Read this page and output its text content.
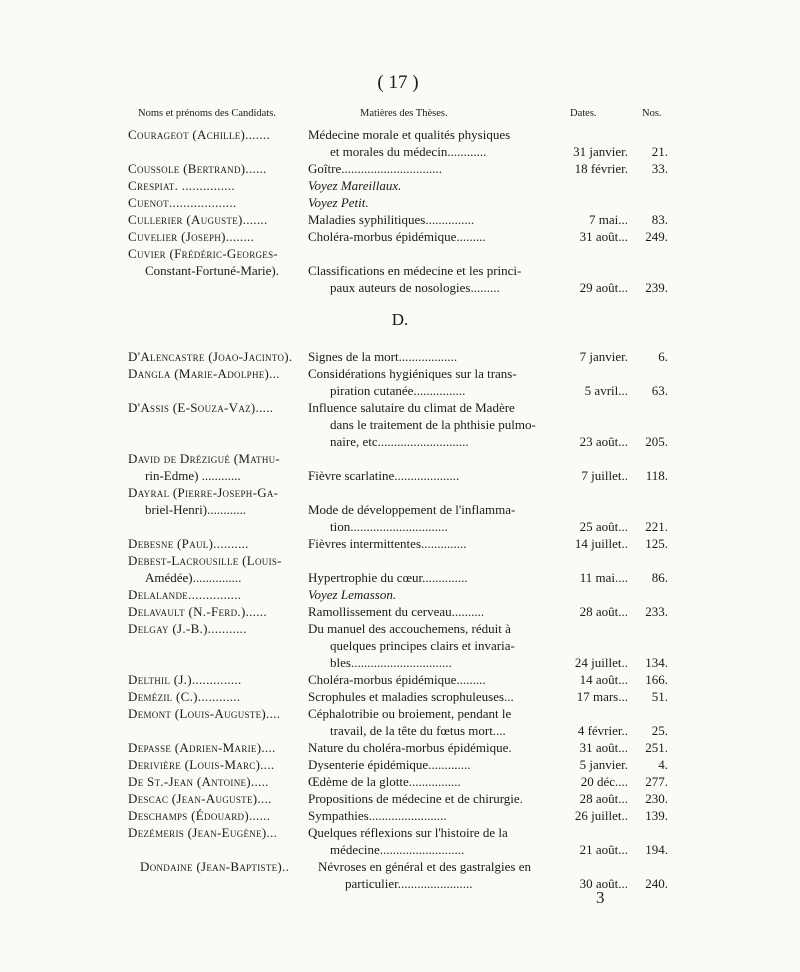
( 17 )
Noms et prénoms des Candidats.	Matières des Thèses.	Dates.	Nos.
Couragеot (Achille).......	Médecine morale et qualités physiques
et morales du médecin............	31 janvier.	21.
Coussole (Bertrand)......	Goître...............................	18 février.	33.
Crespiat. ...............	Voyez Mareillaux.
Cuenot...................	Voyez Petit.
Cullerier (Auguste).......	Maladies syphilitiques...............	7 mai...	83.
Cuvelier (Joseph)........	Choléra-morbus épidémique.........	31 août...	249.
Cuvier (Frédéric-Georges-
Constant-Fortuné-Marie). Classifications en médecine et les princi-
paux auteurs de nosologies.........	29 août...	239.
D.
D'Alencastre (Joao-Jacinto). Signes de la mort..................	7 janvier.	6.
Dangla (Marie-Adolphe)... Considérations hygiéniques sur la trans-
piration cutanée................	5 avril...	63.
D'Assis (E-Souza-Vaz).....	Influence salutaire du climat de Madère
dans le traitement de la phthisie pulmo-
naire, etc............................	23 août...	205.
David de Drézigué (Mathu-
rin-Edme) ............	Fièvre scarlatine....................	7 juillet..	118.
Dayral (Pierre-Joseph-Ga-
briel-Henri)............	Mode de développement de l'inflamma-
tion..............................	25 août...	221.
Debesne (Paul)..........	Fièvres intermittentes..............	14 juillet..	125.
Debest-Lacrousille (Louis-
Amédée)...............	Hypertrophie du cœur..............	11 mai....	86.
Delalande...............	Voyez Lemasson.
Delavault (N.-Ferd.)......	Ramollissement du cerveau..........	28 août...	233.
Delgay (J.-B.)...........	Du manuel des accouchemens, réduit à
quelques principes clairs et invaria-
bles...............................	24 juillet..	134.
Delthil (J.)..............	Choléra-morbus épidémique.........	14 août...	166.
Demézil (C.)............	Scrophules et maladies scrophuleuses...	17 mars...	51.
Demont (Louis-Auguste).... Céphalotribie ou broiement, pendant le
travail, de la tête du fœtus mort....	4 février..	25.
Depasse (Adrien-Marie).... Nature du choléra-morbus épidémique.	31 août...	251.
Derivière (Louis-Marc)....	Dysenterie épidémique.............	5 janvier.	4.
De St.-Jean (Antoine).....	Œdème de la glotte................	20 déc....	277.
Descac (Jean-Auguste)....	Propositions de médecine et de chirurgie.	28 août...	230.
Deschamps (Édouard)......	Sympathies........................	26 juillet..	139.
Dezémeris (Jean-Eugène)... Quelques réflexions sur l'histoire de la
médecine..........................	21 août...	194.
Dondaine (Jean-Baptiste).. Névroses en général et des gastralgies en
particulier.......................	30 août...	240.
3
